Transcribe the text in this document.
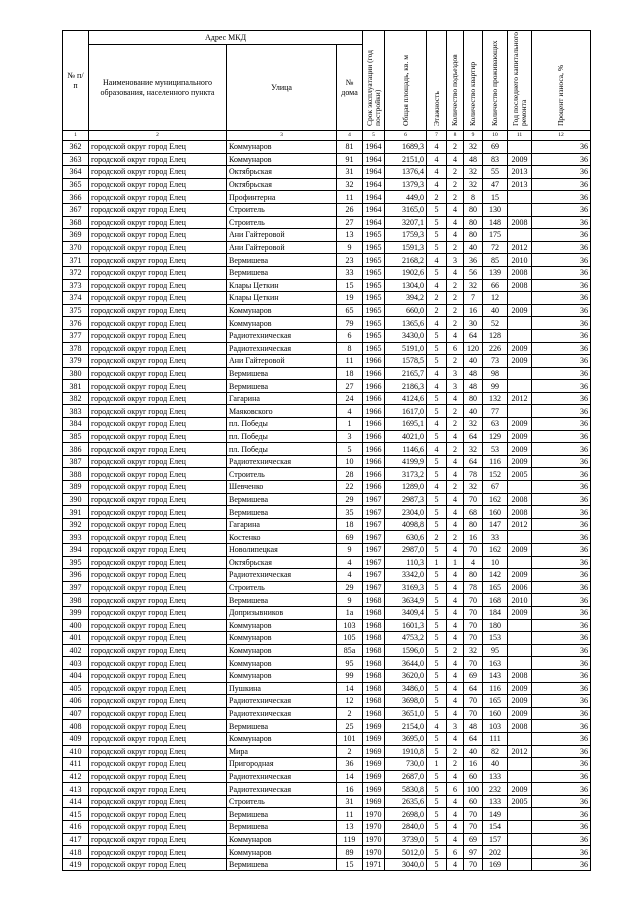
№ п/п	Адрес МКД			Срок эксплуатации (год постройки)	Общая площадь, кв. м	Этажность	Количество подъездов	Количество квартир	Количество проживающих	Год последнего капитального ремонта	Процент износа, %
	Наименование муниципального образования, населенного пункта	Улица	№ дома								
1	2	3	4	5	6	7	8	9	10	11	12
362	городской округ город Елец	Коммунаров	81	1964	1689,3	4	2	32	69		36
363	городской округ город Елец	Коммунаров	91	1964	2151,0	4	4	48	83	2009	36
364	городской округ город Елец	Октябрьская	31	1964	1376,4	4	2	32	55	2013	36
365	городской округ город Елец	Октябрьская	32	1964	1379,3	4	2	32	47	2013	36
366	городской округ город Елец	Профинтерна	11	1964	449,0	2	2	8	15		36
367	городской округ город Елец	Строитель	26	1964	3165,0	5	4	80	130		36
368	городской округ город Елец	Строитель	27	1964	3207,1	5	4	80	148	2008	36
369	городской округ город Елец	Ани Гайтеровой	13	1965	1759,3	5	4	80	175		36
370	городской округ город Елец	Ани Гайтеровой	9	1965	1591,3	5	2	40	72	2012	36
371	городской округ город Елец	Вермишева	23	1965	2168,2	4	3	36	85	2010	36
372	городской округ город Елец	Вермишева	33	1965	1902,6	5	4	56	139	2008	36
373	городской округ город Елец	Клары Цеткин	15	1965	1304,0	4	2	32	66	2008	36
374	городской округ город Елец	Клары Цеткин	19	1965	394,2	2	2	7	12		36
375	городской округ город Елец	Коммунаров	65	1965	660,0	2	2	16	40	2009	36
376	городской округ город Елец	Коммунаров	79	1965	1365,6	4	2	30	52		36
377	городской округ город Елец	Радиотехническая	6	1965	3430,0	5	4	64	128		36
378	городской округ город Елец	Радиотехническая	8	1965	5191,0	5	6	120	226	2009	36
379	городской округ город Елец	Ани Гайтеровой	11	1966	1578,5	5	2	40	73	2009	36
380	городской округ город Елец	Вермишева	18	1966	2165,7	4	3	48	98		36
381	городской округ город Елец	Вермишева	27	1966	2186,3	4	3	48	99		36
382	городской округ город Елец	Гагарина	24	1966	4124,6	5	4	80	132	2012	36
383	городской округ город Елец	Маяковского	4	1966	1617,0	5	2	40	77		36
384	городской округ город Елец	пл. Победы	1	1966	1695,1	4	2	32	63	2009	36
385	городской округ город Елец	пл. Победы	3	1966	4021,0	5	4	64	129	2009	36
386	городской округ город Елец	пл. Победы	5	1966	1146,6	4	2	32	53	2009	36
387	городской округ город Елец	Радиотехническая	10	1966	4199,9	5	4	64	116	2009	36
388	городской округ город Елец	Строитель	28	1966	3173,2	5	4	78	152	2005	36
389	городской округ город Елец	Шевченко	22	1966	1289,0	4	2	32	67		36
390	городской округ город Елец	Вермишева	29	1967	2987,3	5	4	70	162	2008	36
391	городской округ город Елец	Вермишева	35	1967	2304,0	5	4	68	160	2008	36
392	городской округ город Елец	Гагарина	18	1967	4098,8	5	4	80	147	2012	36
393	городской округ город Елец	Костенко	69	1967	630,6	2	2	16	33		36
394	городской округ город Елец	Новолипецкая	9	1967	2987,0	5	4	70	162	2009	36
395	городской округ город Елец	Октябрьская	4	1967	110,3	1	1	4	10		36
396	городской округ город Елец	Радиотехническая	4	1967	3342,0	5	4	80	142	2009	36
397	городской округ город Елец	Строитель	29	1967	3169,3	5	4	78	165	2006	36
398	городской округ город Елец	Вермишева	9	1968	3634,9	5	4	70	168	2010	36
399	городской округ город Елец	Допризывников	1а	1968	3409,4	5	4	70	184	2009	36
400	городской округ город Елец	Коммунаров	103	1968	1601,3	5	4	70	180		36
401	городской округ город Елец	Коммунаров	105	1968	4753,2	5	4	70	153		36
402	городской округ город Елец	Коммунаров	85а	1968	1596,0	5	2	32	95		36
403	городской округ город Елец	Коммунаров	95	1968	3644,0	5	4	70	163		36
404	городской округ город Елец	Коммунаров	99	1968	3620,0	5	4	69	143	2008	36
405	городской округ город Елец	Пушкина	14	1968	3486,0	5	4	64	116	2009	36
406	городской округ город Елец	Радиотехническая	12	1968	3698,0	5	4	70	165	2009	36
407	городской округ город Елец	Радиотехническая	2	1968	3651,0	5	4	70	160	2009	36
408	городской округ город Елец	Вермишева	25	1969	2154,0	4	3	48	103	2008	36
409	городской округ город Елец	Коммунаров	101	1969	3695,0	5	4	64	111		36
410	городской округ город Елец	Мира	2	1969	1910,8	5	2	40	82	2012	36
411	городской округ город Елец	Пригородная	36	1969	730,0	1	2	16	40		36
412	городской округ город Елец	Радиотехническая	14	1969	2687,0	5	4	60	133		36
413	городской округ город Елец	Радиотехническая	16	1969	5830,8	5	6	100	232	2009	36
414	городской округ город Елец	Строитель	31	1969	2635,6	5	4	60	133	2005	36
415	городской округ город Елец	Вермишева	11	1970	2698,0	5	4	70	149		36
416	городской округ город Елец	Вермишева	13	1970	2840,0	5	4	70	154		36
417	городской округ город Елец	Коммунаров	119	1970	3739,0	5	4	69	157		36
418	городской округ город Елец	Коммунаров	89	1970	5012,0	5	6	97	202		36
419	городской округ город Елец	Вермишева	15	1971	3040,0	5	4	70	169		36
